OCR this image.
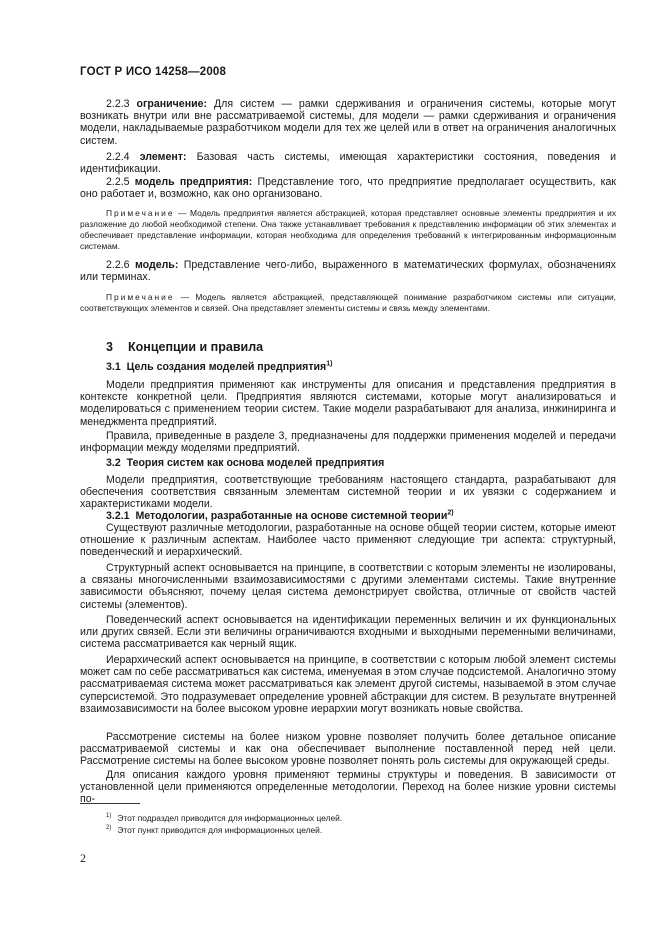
ГОСТ Р ИСО 14258—2008

2.2.3 ограничение: Для систем — рамки сдерживания и ограничения системы, которые могут возникать внутри или вне рассматриваемой системы, для модели — рамки сдерживания и ограничения модели, накладываемые разработчиком модели для тех же целей или в ответ на ограничения аналогичных систем.

2.2.4 элемент: Базовая часть системы, имеющая характеристики состояния, поведения и идентификации.

2.2.5 модель предприятия: Представление того, что предприятие предполагает осуществить, как оно работает и, возможно, как оно организовано.

Примечание — Модель предприятия является абстракцией, которая представляет основные элементы предприятия и их разложение до любой необходимой степени. Она также устанавливает требования к представлению информации об этих элементах и обеспечивает представление информации, которая необходима для определения требований к интегрированным информационным системам.

2.2.6 модель: Представление чего-либо, выраженного в математических формулах, обозначениях или терминах.

Примечание — Модель является абстракцией, представляющей понимание разработчиком системы или ситуации, соответствующих элементов и связей. Она представляет элементы системы и связь между элементами.

3 Концепции и правила
3.1 Цель создания моделей предприятия$^{1)}$

Модели предприятия применяют как инструменты для описания и представления предприятия в контексте конкретной цели. Предприятия являются системами, которые могут анализироваться и моделироваться с применением теории систем. Такие модели разрабатывают для анализа, инжиниринга и менеджмента предприятий.

Правила, приведенные в разделе 3, предназначены для поддержки применения моделей и передачи информации между моделями предприятий.

3.2 Теория систем как основа моделей предприятия

Модели предприятия, соответствующие требованиям настоящего стандарта, разрабатывают для обеспечения соответствия связанным элементам системной теории и их увязки с содержанием и характеристиками модели.

3.2.1 Методологии, разработанные на основе системной теории$^{2)}$

Существуют различные методологии, разработанные на основе общей теории систем, которые имеют отношение к различным аспектам. Наиболее часто применяют следующие три аспекта: структурный, поведенческий и иерархический.

Структурный аспект основывается на принципе, в соответствии с которым элементы не изолированы, а связаны многочисленными взаимозависимостями с другими элементами системы. Такие внутренние зависимости объясняют, почему целая система демонстрирует свойства, отличные от свойств частей системы (элементов).

Поведенческий аспект основывается на идентификации переменных величин и их функциональных или других связей. Если эти величины ограничиваются входными и выходными переменными величинами, система рассматривается как черный ящик.

Иерархический аспект основывается на принципе, в соответствии с которым любой элемент системы может сам по себе рассматриваться как система, именуемая в этом случае подсистемой. Аналогично этому рассматриваемая система может рассматриваться как элемент другой системы, называемой в этом случае суперсистемой. Это подразумевает определение уровней абстракции для систем. В результате внутренней взаимозависимости на более высоком уровне иерархии могут возникать новые свойства.

Рассмотрение системы на более низком уровне позволяет получить более детальное описание рассматриваемой системы и как она обеспечивает выполнение поставленной перед ней цели. Рассмотрение системы на более высоком уровне позволяет понять роль системы для окружающей среды.

Для описания каждого уровня применяют термины структуры и поведения. В зависимости от установленной цели применяются определенные методологии. Переход на более низкие уровни системы по-

$^{1)}$ Этот подраздел приводится для информационных целей.
$^{2)}$ Этот пункт приводится для информационных целей.
2
